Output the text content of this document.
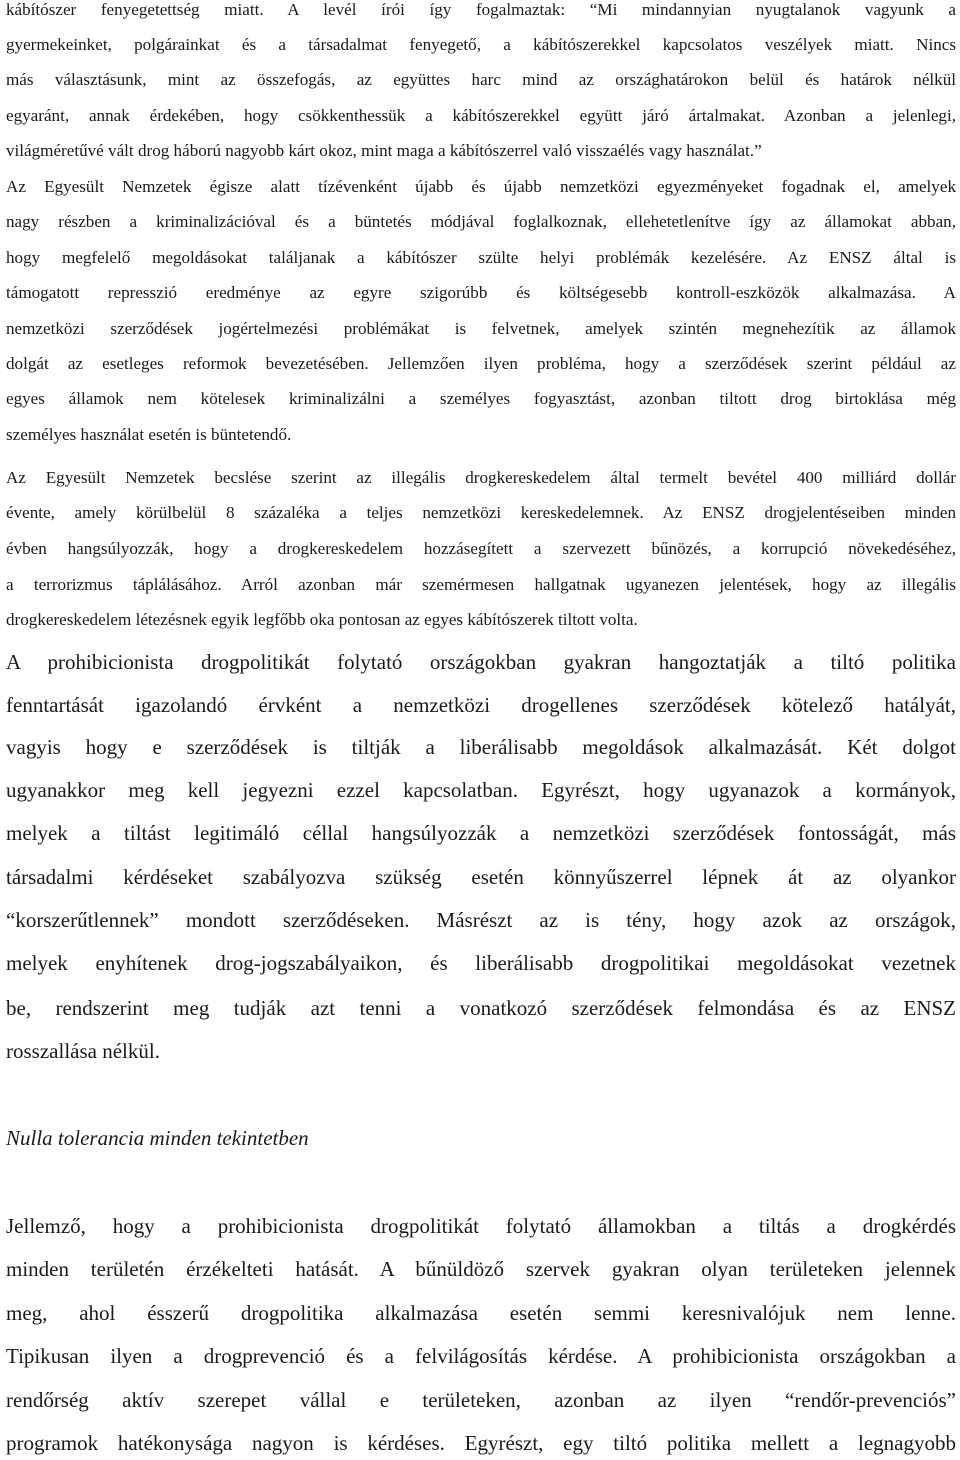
kábítószer fenyegetettség miatt. A levél írói így fogalmaztak: “Mi mindannyian nyugtalanok vagyunk a
gyermekeinket, polgárainkat és a társadalmat fenyegető, a kábítószerekkel kapcsolatos veszélyek miatt. Nincs
más választásunk, mint az összefogás, az együttes harc mind az országhatárokon belül és határok nélkül
egyaránt, annak érdekében, hogy csökkenthessük a kábítószerekkel együtt járó ártalmakat. Azonban a jelenlegi,
világméretűvé vált drog háború nagyobb kárt okoz, mint maga a kábítószerrel való visszaélés vagy használat.”
Az Egyesült Nemzetek égisze alatt tízévenként újabb és újabb nemzetközi egyezményeket fogadnak el, amelyek
nagy részben a kriminalizációval és a büntetés módjával foglalkoznak, ellehetetlenítve így az államokat abban,
hogy megfelelő megoldásokat találjanak a kábítószer szülte helyi problémák kezelésére. Az ENSZ által is
támogatott represszió eredménye az egyre szigorúbb és költségesebb kontroll-eszközök alkalmazása. A
nemzetközi szerződések jogértelmezési problémákat is felvetnek, amelyek szintén megnehezítik az államok
dolgát az esetleges reformok bevezetésében. Jellemzően ilyen probléma, hogy a szerződések szerint például az
egyes államok nem kötelesek kriminalizálni a személyes fogyasztást, azonban tiltott drog birtoklása még
személyes használat esetén is büntetendő.
Az Egyesült Nemzetek becslése szerint az illegális drogkereskedelem által termelt bevétel 400 milliárd dollár
évente, amely körülbelül 8 százaléka a teljes nemzetközi kereskedelemnek. Az ENSZ drogjelentéseiben minden
évben hangsúlyozzák, hogy a drogkereskedelem hozzásegített a szervezett bűnözés, a korrupció növekedéséhez,
a terrorizmus táplálásához. Arról azonban már szemérmesen hallgatnak ugyanezen jelentések, hogy az illegális
drogkereskedelem létezésnek egyik legfőbb oka pontosan az egyes kábítószerek tiltott volta.
A prohibicionista drogpolitikát folytató országokban gyakran hangoztatják a tiltó politika
fenntartását igazolandó érvként a nemzetközi drogellenes szerződések kötelező hatályát,
vagyis hogy e szerződések is tiltják a liberálisabb megoldások alkalmazását. Két dolgot
ugyanakkor meg kell jegyezni ezzel kapcsolatban. Egyrészt, hogy ugyanazok a kormányok,
melyek a tiltást legitimáló céllal hangsúlyozzák a nemzetközi szerződések fontosságát, más
társadalmi kérdéseket szabályozva szükség esetén könnyűszerrel lépnek át az olyankor
“korszerűtlennek” mondott szerződéseken. Másrészt az is tény, hogy azok az országok,
melyek enyhítenek drog-jogszabályaikon, és liberálisabb drogpolitikai megoldásokat vezetnek
be, rendszerint meg tudják azt tenni a vonatkozó szerződések felmondása és az ENSZ
rosszallása nélkül.
Nulla tolerancia minden tekintetben
Jellemző, hogy a prohibicionista drogpolitikát folytató államokban a tiltás a drogkérdés
minden területén érzékelteti hatását. A bűnüldöző szervek gyakran olyan területeken jelennek
meg, ahol ésszerű drogpolitika alkalmazása esetén semmi keresnivalójuk nem lenne.
Tipikusan ilyen a drogprevenció és a felvilágosítás kérdése. A prohibicionista országokban a
rendőrség aktív szerepet vállal e területeken, azonban az ilyen “rendőr-prevenciós”
programok hatékonysága nagyon is kérdéses. Egyrészt, egy tiltó politika mellett a legnagyobb
